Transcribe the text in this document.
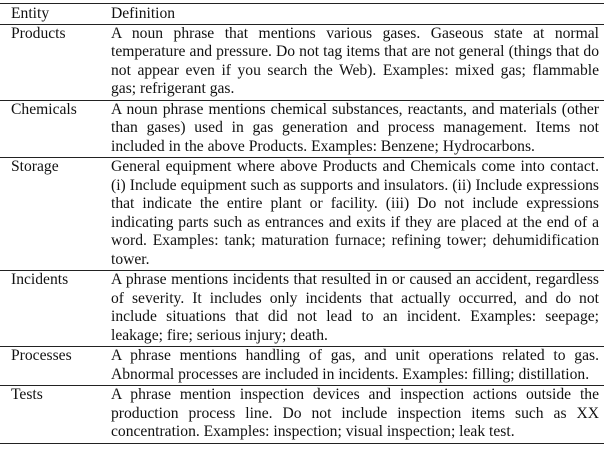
Entity	Definition
Products	A noun phrase that mentions various gases. Gaseous state at normal temperature and pressure. Do not tag items that are not general (things that do not appear even if you search the Web). Examples: mixed gas; flammable gas; refrigerant gas.
Chemicals	A noun phrase mentions chemical substances, reactants, and materials (other than gases) used in gas generation and process management. Items not included in the above Products. Examples: Benzene; Hydrocarbons.
Storage	General equipment where above Products and Chemicals come into contact. (i) Include equipment such as supports and insulators. (ii) Include expressions that indicate the entire plant or facility. (iii) Do not include expressions indicating parts such as entrances and exits if they are placed at the end of a word. Examples: tank; maturation furnace; refining tower; dehumidification tower.
Incidents	A phrase mentions incidents that resulted in or caused an accident, regardless of severity. It includes only incidents that actually occurred, and do not include situations that did not lead to an incident. Examples: seepage; leakage; fire; serious injury; death.
Processes	A phrase mentions handling of gas, and unit operations related to gas. Abnormal processes are included in incidents. Examples: filling; distillation.
Tests	A phrase mention inspection devices and inspection actions outside the production process line. Do not include inspection items such as XX concentration. Examples: inspection; visual inspection; leak test.
